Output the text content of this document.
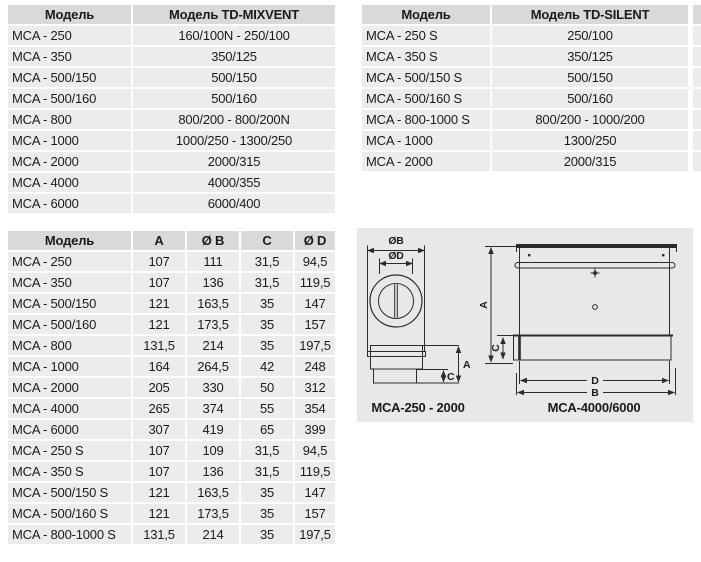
Модель	Модель TD-MIXVENT
MCA - 250	160/100N - 250/100
MCA - 350	350/125
MCA - 500/150	500/150
MCA - 500/160	500/160
MCA - 800	800/200 - 800/200N
MCA - 1000	1000/250 - 1300/250
MCA - 2000	2000/315
MCA - 4000	4000/355
MCA - 6000	6000/400
Модель	Модель TD-SILENT
MCA - 250 S	250/100
MCA - 350 S	350/125
MCA - 500/150 S	500/150
MCA - 500/160 S	500/160
MCA - 800-1000 S	800/200 - 1000/200
MCA - 1000	1300/250
MCA - 2000	2000/315
Модель	A	Ø B	C	Ø D
MCA - 250	107	111	31,5	94,5
MCA - 350	107	136	31,5	119,5
MCA - 500/150	121	163,5	35	147
MCA - 500/160	121	173,5	35	157
MCA - 800	131,5	214	35	197,5
MCA - 1000	164	264,5	42	248
MCA - 2000	205	330	50	312
MCA - 4000	265	374	55	354
MCA - 6000	307	419	65	399
MCA - 250 S	107	109	31,5	94,5
MCA - 350 S	107	136	31,5	119,5
MCA - 500/150 S	121	163,5	35	147
MCA - 500/160 S	121	173,5	35	157
MCA - 800-1000 S	131,5	214	35	197,5
ØB
ØD
A
C
MCA-250 - 2000
A
C
D
B
MCA-4000/6000
